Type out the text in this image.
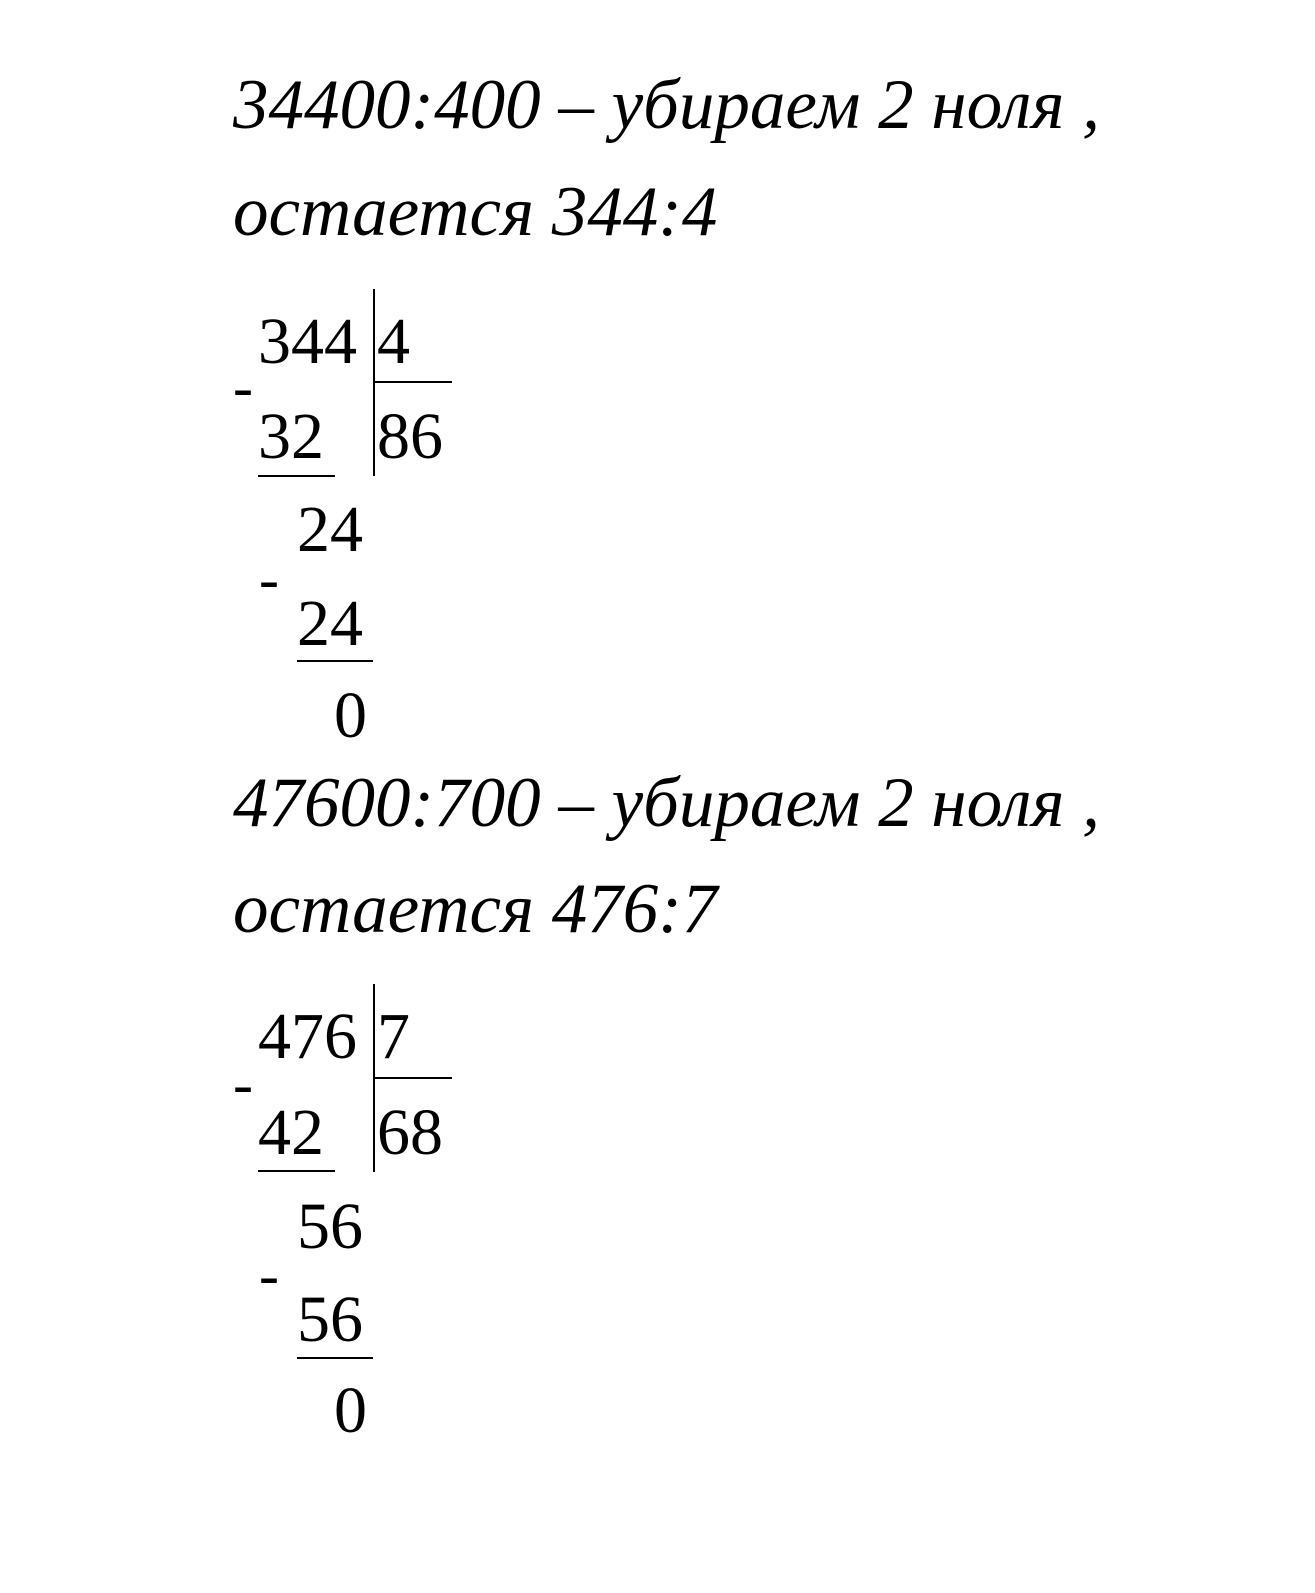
34400:400 – убираем 2 ноля ,
остается 344:4
344 4
86
-
32
24
-
24
0
47600:700 – убираем 2 ноля ,
остается 476:7
476 7
68
-
42
56
-
56
0
